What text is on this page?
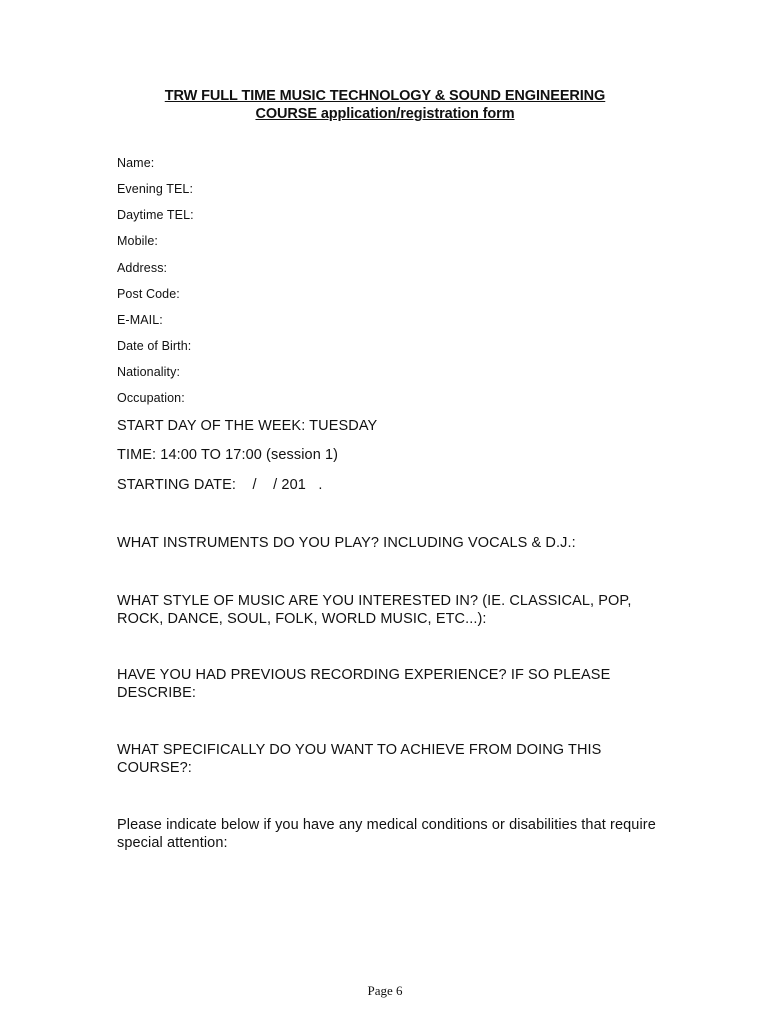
TRW FULL TIME MUSIC TECHNOLOGY & SOUND ENGINEERING
COURSE application/registration form
Name:
Evening TEL:
Daytime TEL:
Mobile:
Address:
Post Code:
E-MAIL:
Date of Birth:
Nationality:
Occupation:
START DAY OF THE WEEK: TUESDAY
TIME: 14:00 TO 17:00 (session 1)
STARTING DATE:    /    / 201   .
WHAT INSTRUMENTS DO YOU PLAY? INCLUDING VOCALS & D.J.:
WHAT STYLE OF MUSIC ARE YOU INTERESTED IN? (IE. CLASSICAL, POP, ROCK, DANCE, SOUL, FOLK, WORLD MUSIC, ETC...):
HAVE YOU HAD PREVIOUS RECORDING EXPERIENCE? IF SO PLEASE DESCRIBE:
WHAT SPECIFICALLY DO YOU WANT TO ACHIEVE FROM DOING THIS COURSE?:
Please indicate below if you have any medical conditions or disabilities that require special attention:
Page 6
